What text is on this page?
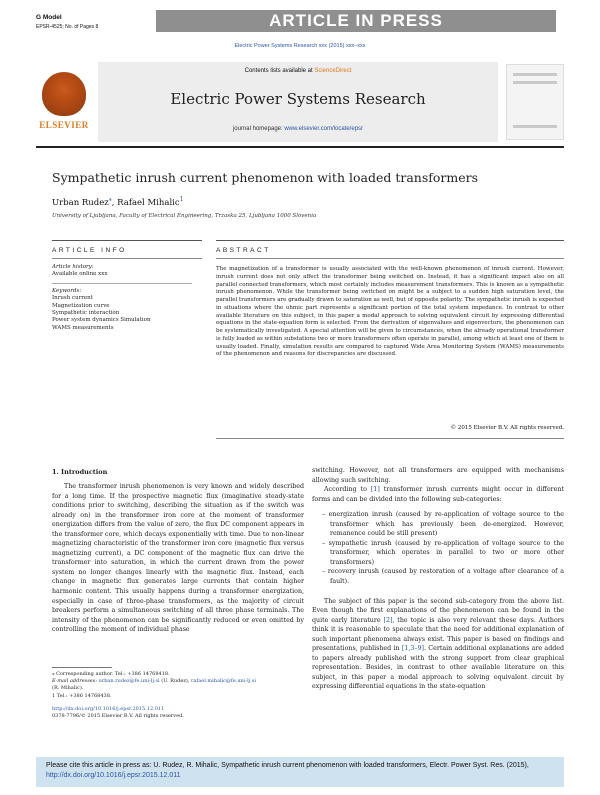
G Model
EPSR-4525; No. of Pages 8	ARTICLE IN PRESS
Electric Power Systems Research xxx (2015) xxx–xxx
ELSEVIER
Contents lists available at ScienceDirect
Electric Power Systems Research
journal homepage: www.elsevier.com/locate/epsr
Sympathetic inrush current phenomenon with loaded transformers
Urban Rudez⁎, Rafael Mihalic$^1$
University of Ljubljana, Faculty of Electrical Engineering, Trzaska 25, Ljubljana 1000 Slovenia
ARTICLE INFO	ABSTRACT
Article history:
Available online xxx
Keywords:
Inrush current
Magnetization curve
Sympathetic interaction
Power system dynamics Simulation
WAMS measurements
The magnetization of a transformer is usually associated with the well-known phenomenon of inrush current. However, inrush current does not only affect the transformer being switched on. Instead, it has a significant impact also on all parallel connected transformers, which most certainly includes measurement transformers. This is known as a sympathetic inrush phenomenon. While the transformer being switched on might be a subject to a sudden high saturation level, the parallel transformers are gradually drawn to saturation as well, but of opposite polarity. The sympathetic inrush is expected in situations where the ohmic part represents a significant portion of the total system impedance. In contrast to other available literature on this subject, in this paper a modal approach to solving equivalent circuit by expressing differential equations in the state-equation form is selected. From the derivation of eigenvalues and eigenvectors, the phenomenon can be systematically investigated. A special attention will be given to circumstances, when the already operational transformer is fully loaded as within substations two or more transformers often operate in parallel, among which at least one of them is usually loaded. Finally, simulation results are compared to captured Wide Area Monitoring System (WAMS) measurements of the phenomenon and reasons for discrepancies are discussed.
© 2015 Elsevier B.V. All rights reserved.
1. Introduction

The transformer inrush phenomenon is very known and widely described for a long time. If the prospective magnetic flux (imaginative steady-state conditions prior to switching, describing the situation as if the switch was already on) in the transformer iron core at the moment of transformer energization differs from the value of zero, the flux DC component appears in the transformer core, which decays exponentially with time. Due to non-linear magnetizing characteristic of the transformer iron core (magnetic flux versus magnetizing current), a DC component of the magnetic flux can drive the transformer into saturation, in which the current drawn from the power system no longer changes linearly with the magnetic flux. Instead, each change in magnetic flux generates large currents that contain higher harmonic content. This usually happens during a transformer energization, especially in case of three-phase transformers, as the majority of circuit breakers perform a simultaneous switching of all three phase terminals. The intensity of the phenomenon can be significantly reduced or even omitted by controlling the moment of individual phase

⁎ Corresponding author. Tel.: +386 14768418.
E-mail addresses: urban.rudez@fe.uni-lj.si (U. Rudez), rafael.mihalic@fe.uni-lj.si
(R. Mihalic).
1 Tel.: +386 14768438.
http://dx.doi.org/10.1016/j.epsr.2015.12.011
0378-7796/© 2015 Elsevier B.V. All rights reserved.
switching. However, not all transformers are equipped with mechanisms allowing such switching.

According to [1] transformer inrush currents might occur in different forms and can be divided into the following sub-categories:

– energization inrush (caused by re-application of voltage source to the transformer which has previously been de-energized. However, remanence could be still present)
– sympathetic inrush (caused by re-application of voltage source to the transformer, which operates in parallel to two or more other transformers)
– recovery inrush (caused by restoration of a voltage after clearance of a fault).

The subject of this paper is the second sub-category from the above list. Even though the first explanations of the phenomenon can be found in the quite early literature [2], the topic is also very relevant these days. Authors think it is reasonable to speculate that the need for additional explanation of such important phenomena always exist. This paper is based on findings and presentations, published in [1,3–9]. Certain additional explanations are added to papers already published with the strong support from clear graphical representation. Besides, in contrast to other available literature on this subject, in this paper a modal approach to solving equivalent circuit by expressing differential equations in the state-equation

Please cite this article in press as: U. Rudez, R. Mihalic, Sympathetic inrush current phenomenon with loaded transformers, Electr. Power Syst. Res. (2015), http://dx.doi.org/10.1016/j.epsr.2015.12.011
